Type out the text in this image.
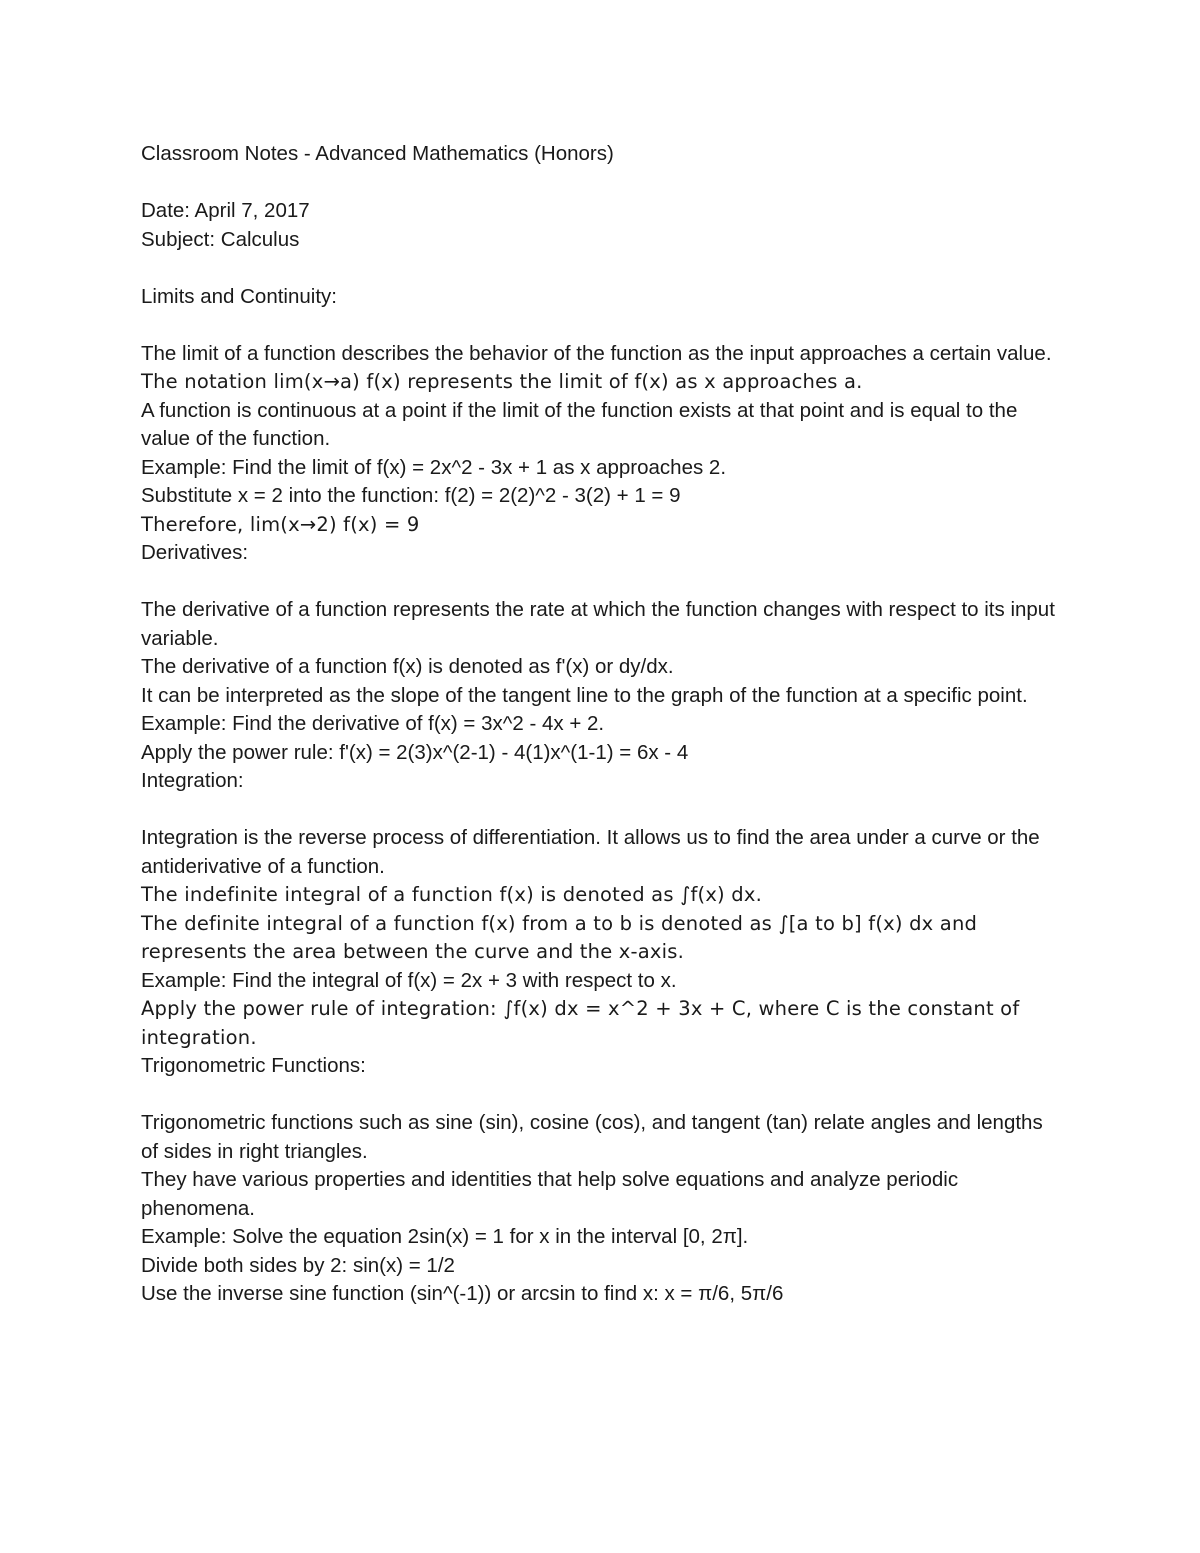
Classroom Notes - Advanced Mathematics (Honors)
Date: April 7, 2017
Subject: Calculus
Limits and Continuity:
The limit of a function describes the behavior of the function as the input approaches a certain value.
The notation lim(x→a) f(x) represents the limit of f(x) as x approaches a.
A function is continuous at a point if the limit of the function exists at that point and is equal to the value of the function.
Example: Find the limit of f(x) = 2x^2 - 3x + 1 as x approaches 2.
Substitute x = 2 into the function: f(2) = 2(2)^2 - 3(2) + 1 = 9
Therefore, lim(x→2) f(x) = 9
Derivatives:
The derivative of a function represents the rate at which the function changes with respect to its input variable.
The derivative of a function f(x) is denoted as f'(x) or dy/dx.
It can be interpreted as the slope of the tangent line to the graph of the function at a specific point.
Example: Find the derivative of f(x) = 3x^2 - 4x + 2.
Apply the power rule: f'(x) = 2(3)x^(2-1) - 4(1)x^(1-1) = 6x - 4
Integration:
Integration is the reverse process of differentiation. It allows us to find the area under a curve or the antiderivative of a function.
The indefinite integral of a function f(x) is denoted as ∫f(x) dx.
The definite integral of a function f(x) from a to b is denoted as ∫[a to b] f(x) dx and represents the area between the curve and the x-axis.
Example: Find the integral of f(x) = 2x + 3 with respect to x.
Apply the power rule of integration: ∫f(x) dx = x^2 + 3x + C, where C is the constant of integration.
Trigonometric Functions:
Trigonometric functions such as sine (sin), cosine (cos), and tangent (tan) relate angles and lengths of sides in right triangles.
They have various properties and identities that help solve equations and analyze periodic phenomena.
Example: Solve the equation 2sin(x) = 1 for x in the interval [0, 2π].
Divide both sides by 2: sin(x) = 1/2
Use the inverse sine function (sin^(-1)) or arcsin to find x: x = π/6, 5π/6
